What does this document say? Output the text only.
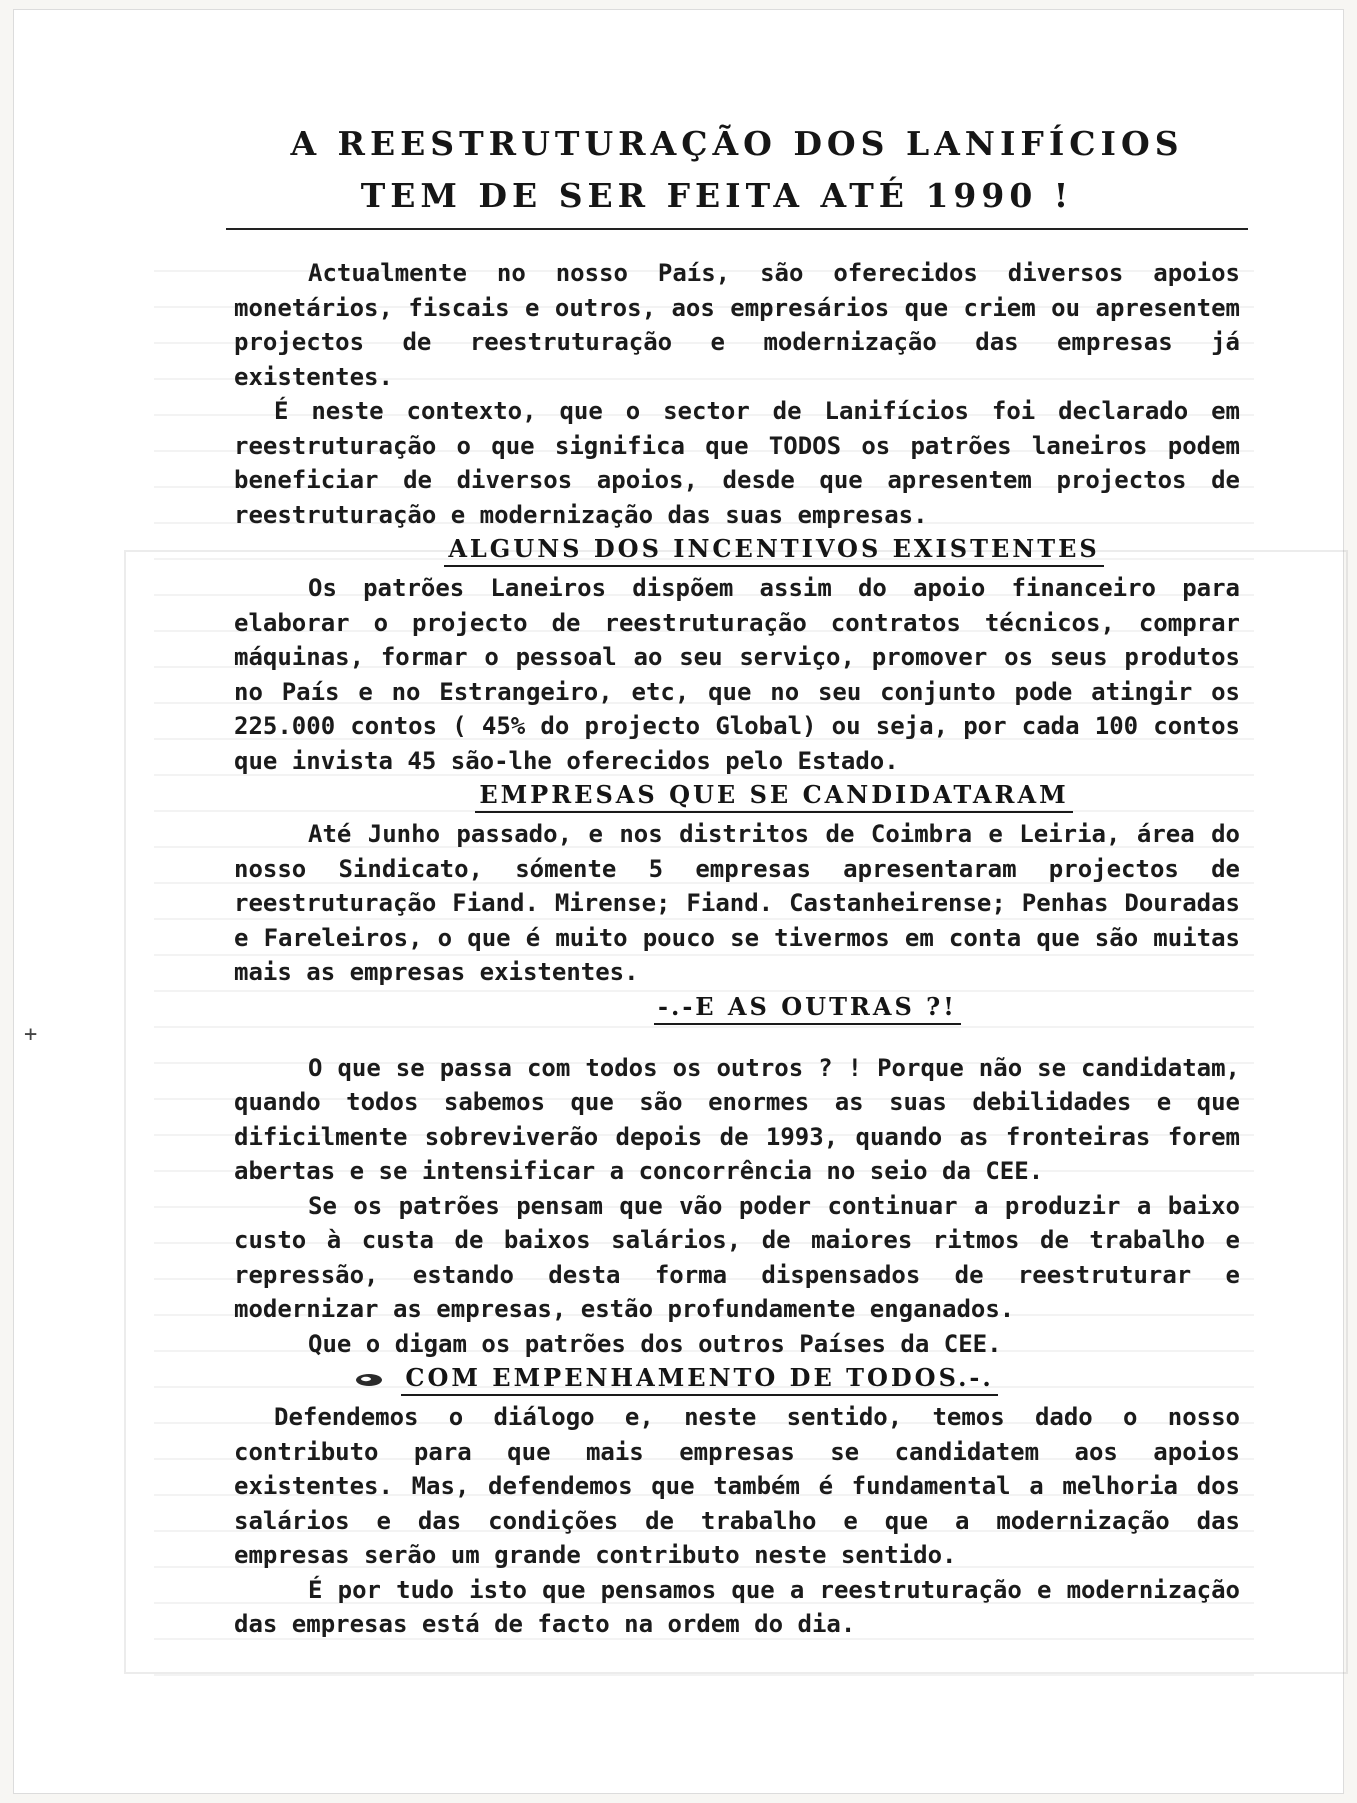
+
A REESTRUTURAÇÃO DOS LANIFÍCIOS
TEM DE SER FEITA ATÉ 1990 !

Actualmente no nosso País, são oferecidos diversos apoios monetários, fiscais e outros, aos empresários que criem ou apresentem projectos de reestruturação e modernização das empresas já existentes.

É neste contexto, que o sector de Lanifícios foi declarado em reestruturação o que significa que TODOS os patrões laneiros podem beneficiar de diversos apoios, desde que apresentem projectos de reestruturação e modernização das suas empresas.

ALGUNS DOS INCENTIVOS EXISTENTES

Os patrões Laneiros dispõem assim do apoio financeiro para elaborar o projecto de reestruturação contratos técnicos, comprar máquinas, formar o pessoal ao seu serviço, promover os seus produtos no País e no Estrangeiro, etc, que no seu conjunto pode atingir os 225.000 contos ( 45% do projecto Global) ou seja, por cada 100 contos que invista 45 são-lhe oferecidos pelo Estado.

EMPRESAS QUE SE CANDIDATARAM

Até Junho passado, e nos distritos de Coimbra e Leiria, área do nosso Sindicato, sómente 5 empresas apresentaram projectos de reestruturação Fiand. Mirense; Fiand. Castanheirense; Penhas Douradas e Fareleiros, o que é muito pouco se tivermos em conta que são muitas mais as empresas existentes.

-.-E AS OUTRAS ?!

O que se passa com todos os outros ? ! Porque não se candidatam, quando todos sabemos que são enormes as suas debilidades e que dificilmente sobreviverão depois de 1993, quando as fronteiras forem abertas e se intensificar a concorrência no seio da CEE.

Se os patrões pensam que vão poder continuar a produzir a baixo custo à custa de baixos salários, de maiores ritmos de trabalho e repressão, estando desta forma dispensados de reestruturar e modernizar as empresas, estão profundamente enganados.

Que o digam os patrões dos outros Países da CEE.

COM EMPENHAMENTO DE TODOS.-.

Defendemos o diálogo e, neste sentido, temos dado o nosso contributo para que mais empresas se candidatem aos apoios existentes. Mas, defendemos que também é fundamental a melhoria dos salários e das condições de trabalho e que a modernização das empresas serão um grande contributo neste sentido.

É por tudo isto que pensamos que a reestruturação e modernização das empresas está de facto na ordem do dia.
